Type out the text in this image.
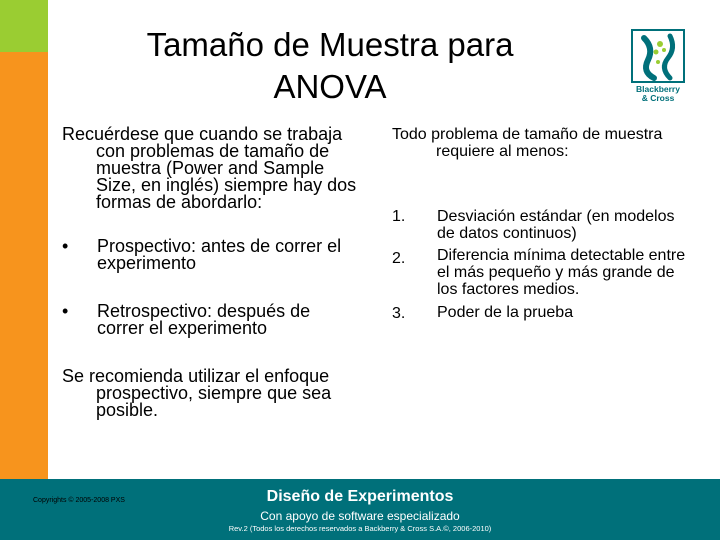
Tamaño de Muestra para
ANOVA	Blackberry
& Cross

Recuérdese que cuando se trabaja con problemas de tamaño de muestra (Power and Sample Size, en inglés) siempre hay dos formas de abordarlo:

• Prospectivo: antes de correr el experimento

• Retrospectivo: después de correr el experimento

Se recomienda utilizar el enfoque prospectivo, siempre que sea posible.

Todo problema de tamaño de muestra requiere al menos:

1. Desviación estándar (en modelos de datos continuos)
2. Diferencia mínima detectable entre el más pequeño y más grande de los factores medios.
3. Poder de la prueba
Copyrights © 2005-2008 PXS	Diseño de Experimentos
Con apoyo de software especializado
Rev.2 (Todos los derechos reservados a Backberry & Cross S.A.©, 2006-2010)
